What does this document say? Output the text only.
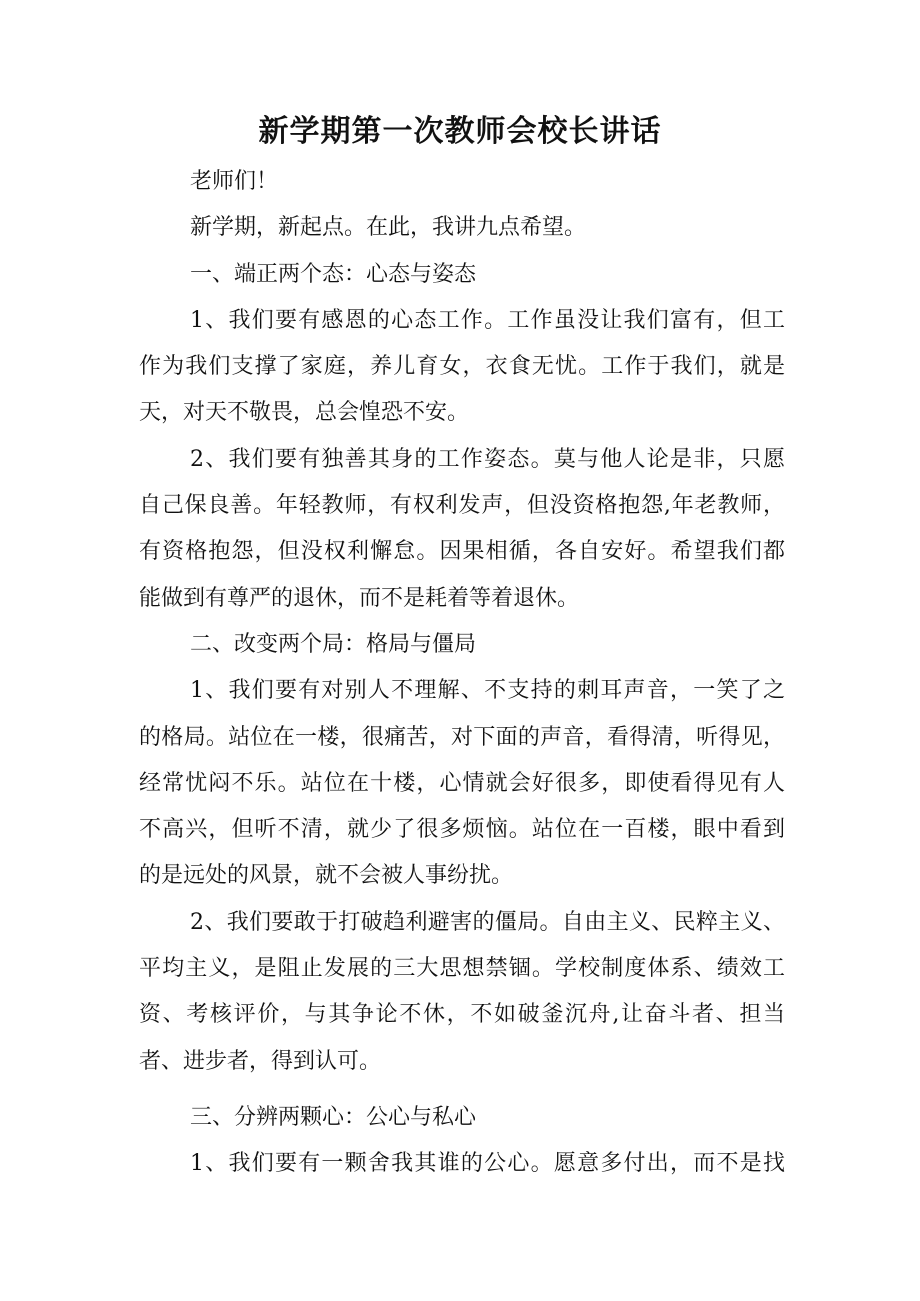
新学期第一次教师会校长讲话
老师们！
新学期，新起点。在此，我讲九点希望。
一、端正两个态：心态与姿态
1、我们要有感恩的心态工作。工作虽没让我们富有，但工
作为我们支撑了家庭，养儿育女，衣食无忧。工作于我们，就是
天，对天不敬畏，总会惶恐不安。
2、我们要有独善其身的工作姿态。莫与他人论是非，只愿
自己保良善。年轻教师，有权利发声，但没资格抱怨,年老教师，
有资格抱怨，但没权利懈怠。因果相循，各自安好。希望我们都
能做到有尊严的退休，而不是耗着等着退休。
二、改变两个局：格局与僵局
1、我们要有对别人不理解、不支持的刺耳声音，一笑了之
的格局。站位在一楼，很痛苦，对下面的声音，看得清，听得见，
经常忧闷不乐。站位在十楼，心情就会好很多，即使看得见有人
不高兴，但听不清，就少了很多烦恼。站位在一百楼，眼中看到
的是远处的风景，就不会被人事纷扰。
2、我们要敢于打破趋利避害的僵局。自由主义、民粹主义、
平均主义，是阻止发展的三大思想禁锢。学校制度体系、绩效工
资、考核评价，与其争论不休，不如破釜沉舟,让奋斗者、担当
者、进步者，得到认可。
三、分辨两颗心：公心与私心
1、我们要有一颗舍我其谁的公心。愿意多付出，而不是找
